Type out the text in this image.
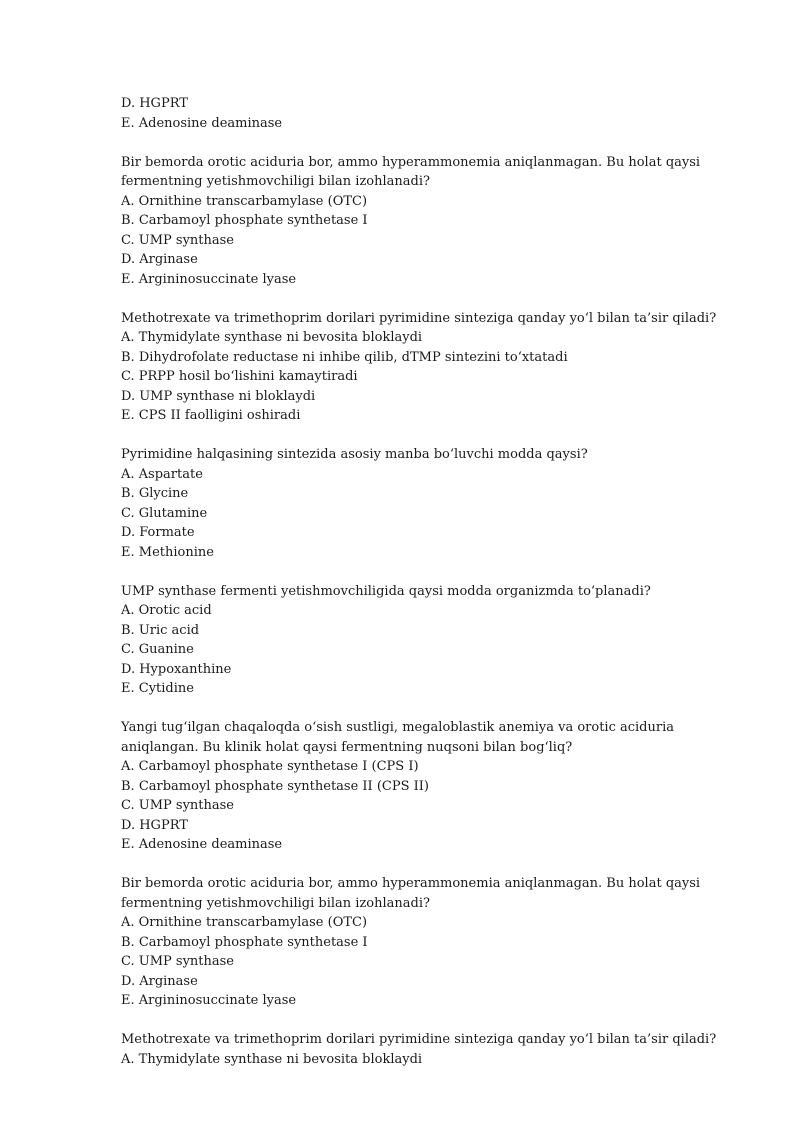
D. HGPRT
E. Adenosine deaminase
Bir bemorda orotic aciduria bor, ammo hyperammonemia aniqlanmagan. Bu holat qaysi
fermentning yetishmovchiligi bilan izohlanadi?
A. Ornithine transcarbamylase (OTC)
B. Carbamoyl phosphate synthetase I
C. UMP synthase
D. Arginase
E. Argininosuccinate lyase
Methotrexate va trimethoprim dorilari pyrimidine sinteziga qanday yo‘l bilan ta’sir qiladi?
A. Thymidylate synthase ni bevosita bloklaydi
B. Dihydrofolate reductase ni inhibe qilib, dTMP sintezini to‘xtatadi
C. PRPP hosil bo‘lishini kamaytiradi
D. UMP synthase ni bloklaydi
E. CPS II faolligini oshiradi
Pyrimidine halqasining sintezida asosiy manba bo‘luvchi modda qaysi?
A. Aspartate
B. Glycine
C. Glutamine
D. Formate
E. Methionine
UMP synthase fermenti yetishmovchiligida qaysi modda organizmda to‘planadi?
A. Orotic acid
B. Uric acid
C. Guanine
D. Hypoxanthine
E. Cytidine
Yangi tug‘ilgan chaqaloqda o‘sish sustligi, megaloblastik anemiya va orotic aciduria
aniqlangan. Bu klinik holat qaysi fermentning nuqsoni bilan bog‘liq?
A. Carbamoyl phosphate synthetase I (CPS I)
B. Carbamoyl phosphate synthetase II (CPS II)
C. UMP synthase
D. HGPRT
E. Adenosine deaminase
Bir bemorda orotic aciduria bor, ammo hyperammonemia aniqlanmagan. Bu holat qaysi
fermentning yetishmovchiligi bilan izohlanadi?
A. Ornithine transcarbamylase (OTC)
B. Carbamoyl phosphate synthetase I
C. UMP synthase
D. Arginase
E. Argininosuccinate lyase
Methotrexate va trimethoprim dorilari pyrimidine sinteziga qanday yo‘l bilan ta’sir qiladi?
A. Thymidylate synthase ni bevosita bloklaydi
